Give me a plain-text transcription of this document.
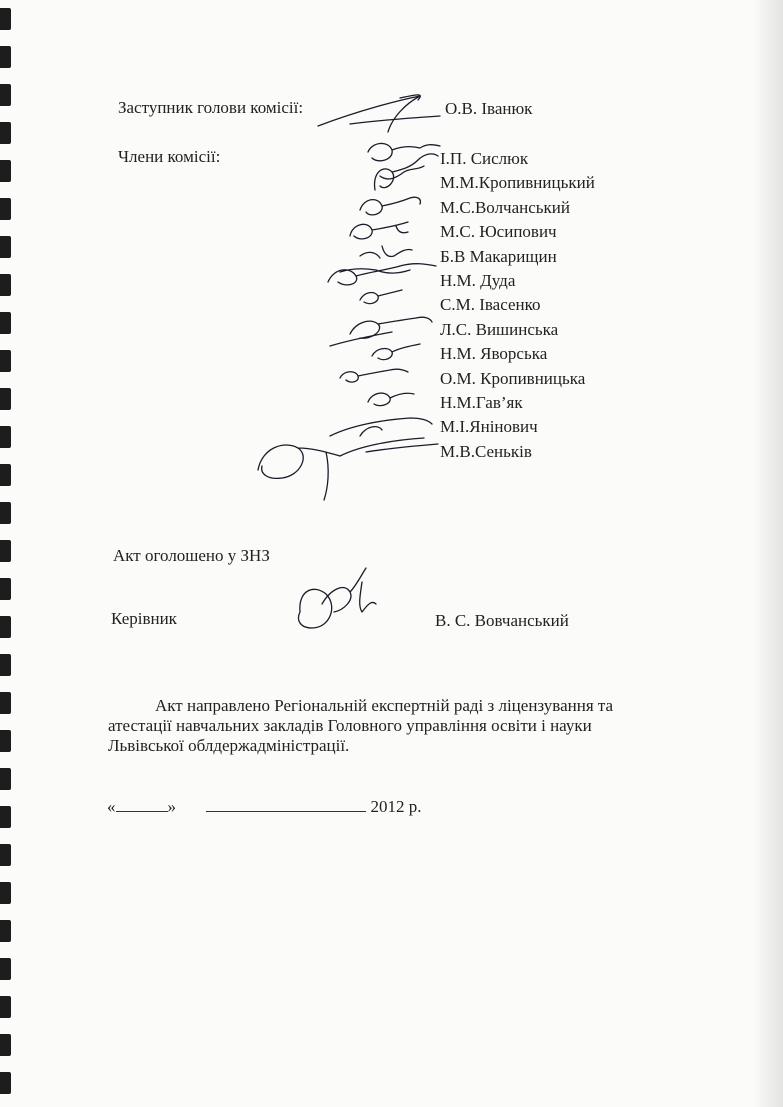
Заступник голови комісії:	О.В. Іванюк
Члени комісії:	І.П. Сислюк
М.М.Кропивницький
М.С.Волчанський
М.С. Юсипович
Б.В Макарищин
Н.М. Дуда
С.М. Івасенко
Л.С. Вишинська
Н.М. Яворська
О.М. Кропивницька
Н.М.Гав’як
М.І.Янінович
М.В.Сеньків
Акт оголошено у ЗНЗ
Керівник	В. С. Вовчанський
Акт направлено Регіональній експертній раді з ліцензування та
атестації навчальних закладів Головного управління освіти і науки
Львівської облдержадміністрації.
«	»	2012 р.
